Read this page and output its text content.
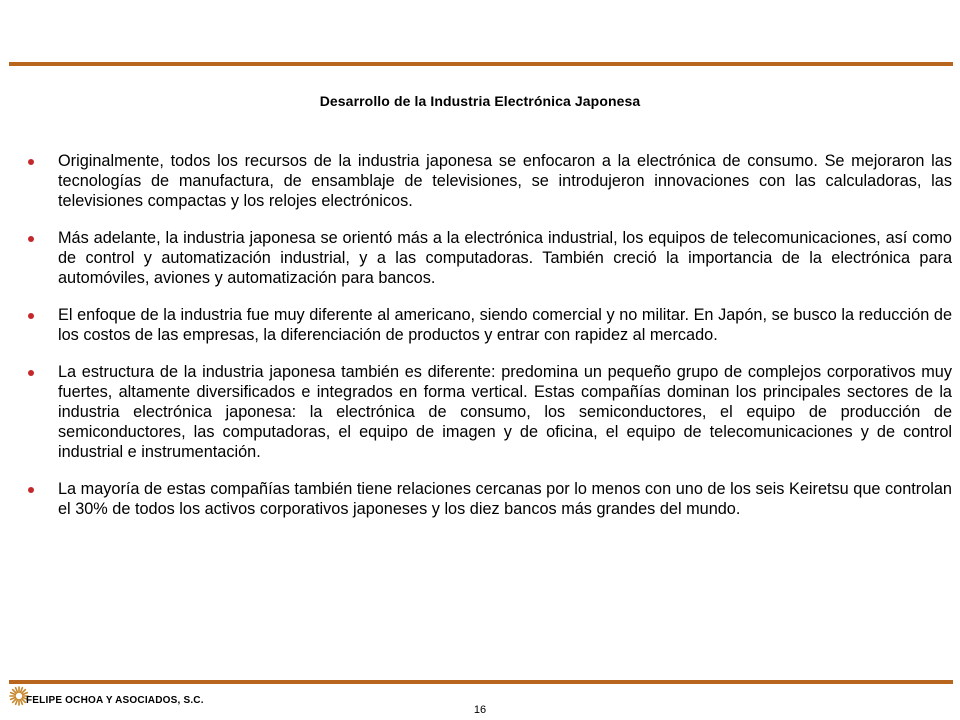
Desarrollo de la Industria Electrónica Japonesa
Originalmente, todos los recursos de la industria japonesa se enfocaron a la electrónica de consumo. Se mejoraron las tecnologías de manufactura, de ensamblaje de televisiones, se introdujeron innovaciones con las calculadoras, las televisiones compactas y los relojes electrónicos.
Más adelante, la industria japonesa se orientó más a la electrónica industrial, los equipos de telecomunicaciones, así como de control y automatización industrial, y a las computadoras. También creció la importancia de la electrónica para automóviles, aviones y automatización para bancos.
El enfoque de la industria fue muy diferente al americano, siendo comercial y no militar. En Japón, se busco la reducción de los costos de las empresas, la diferenciación de productos y entrar con rapidez al mercado.
La estructura de la industria japonesa también es diferente: predomina un pequeño grupo de complejos corporativos muy fuertes, altamente diversificados e integrados en forma vertical. Estas compañías dominan los principales sectores de la industria electrónica japonesa: la electrónica de consumo, los semiconductores, el equipo de producción de semiconductores, las computadoras, el equipo de imagen y de oficina, el equipo de telecomunicaciones y de control industrial e instrumentación.
La mayoría de estas compañías también tiene relaciones cercanas por lo menos con uno de los seis Keiretsu que controlan el 30% de todos los activos corporativos japoneses y los diez bancos más grandes del mundo.
FELIPE OCHOA Y ASOCIADOS, S.C.
16
